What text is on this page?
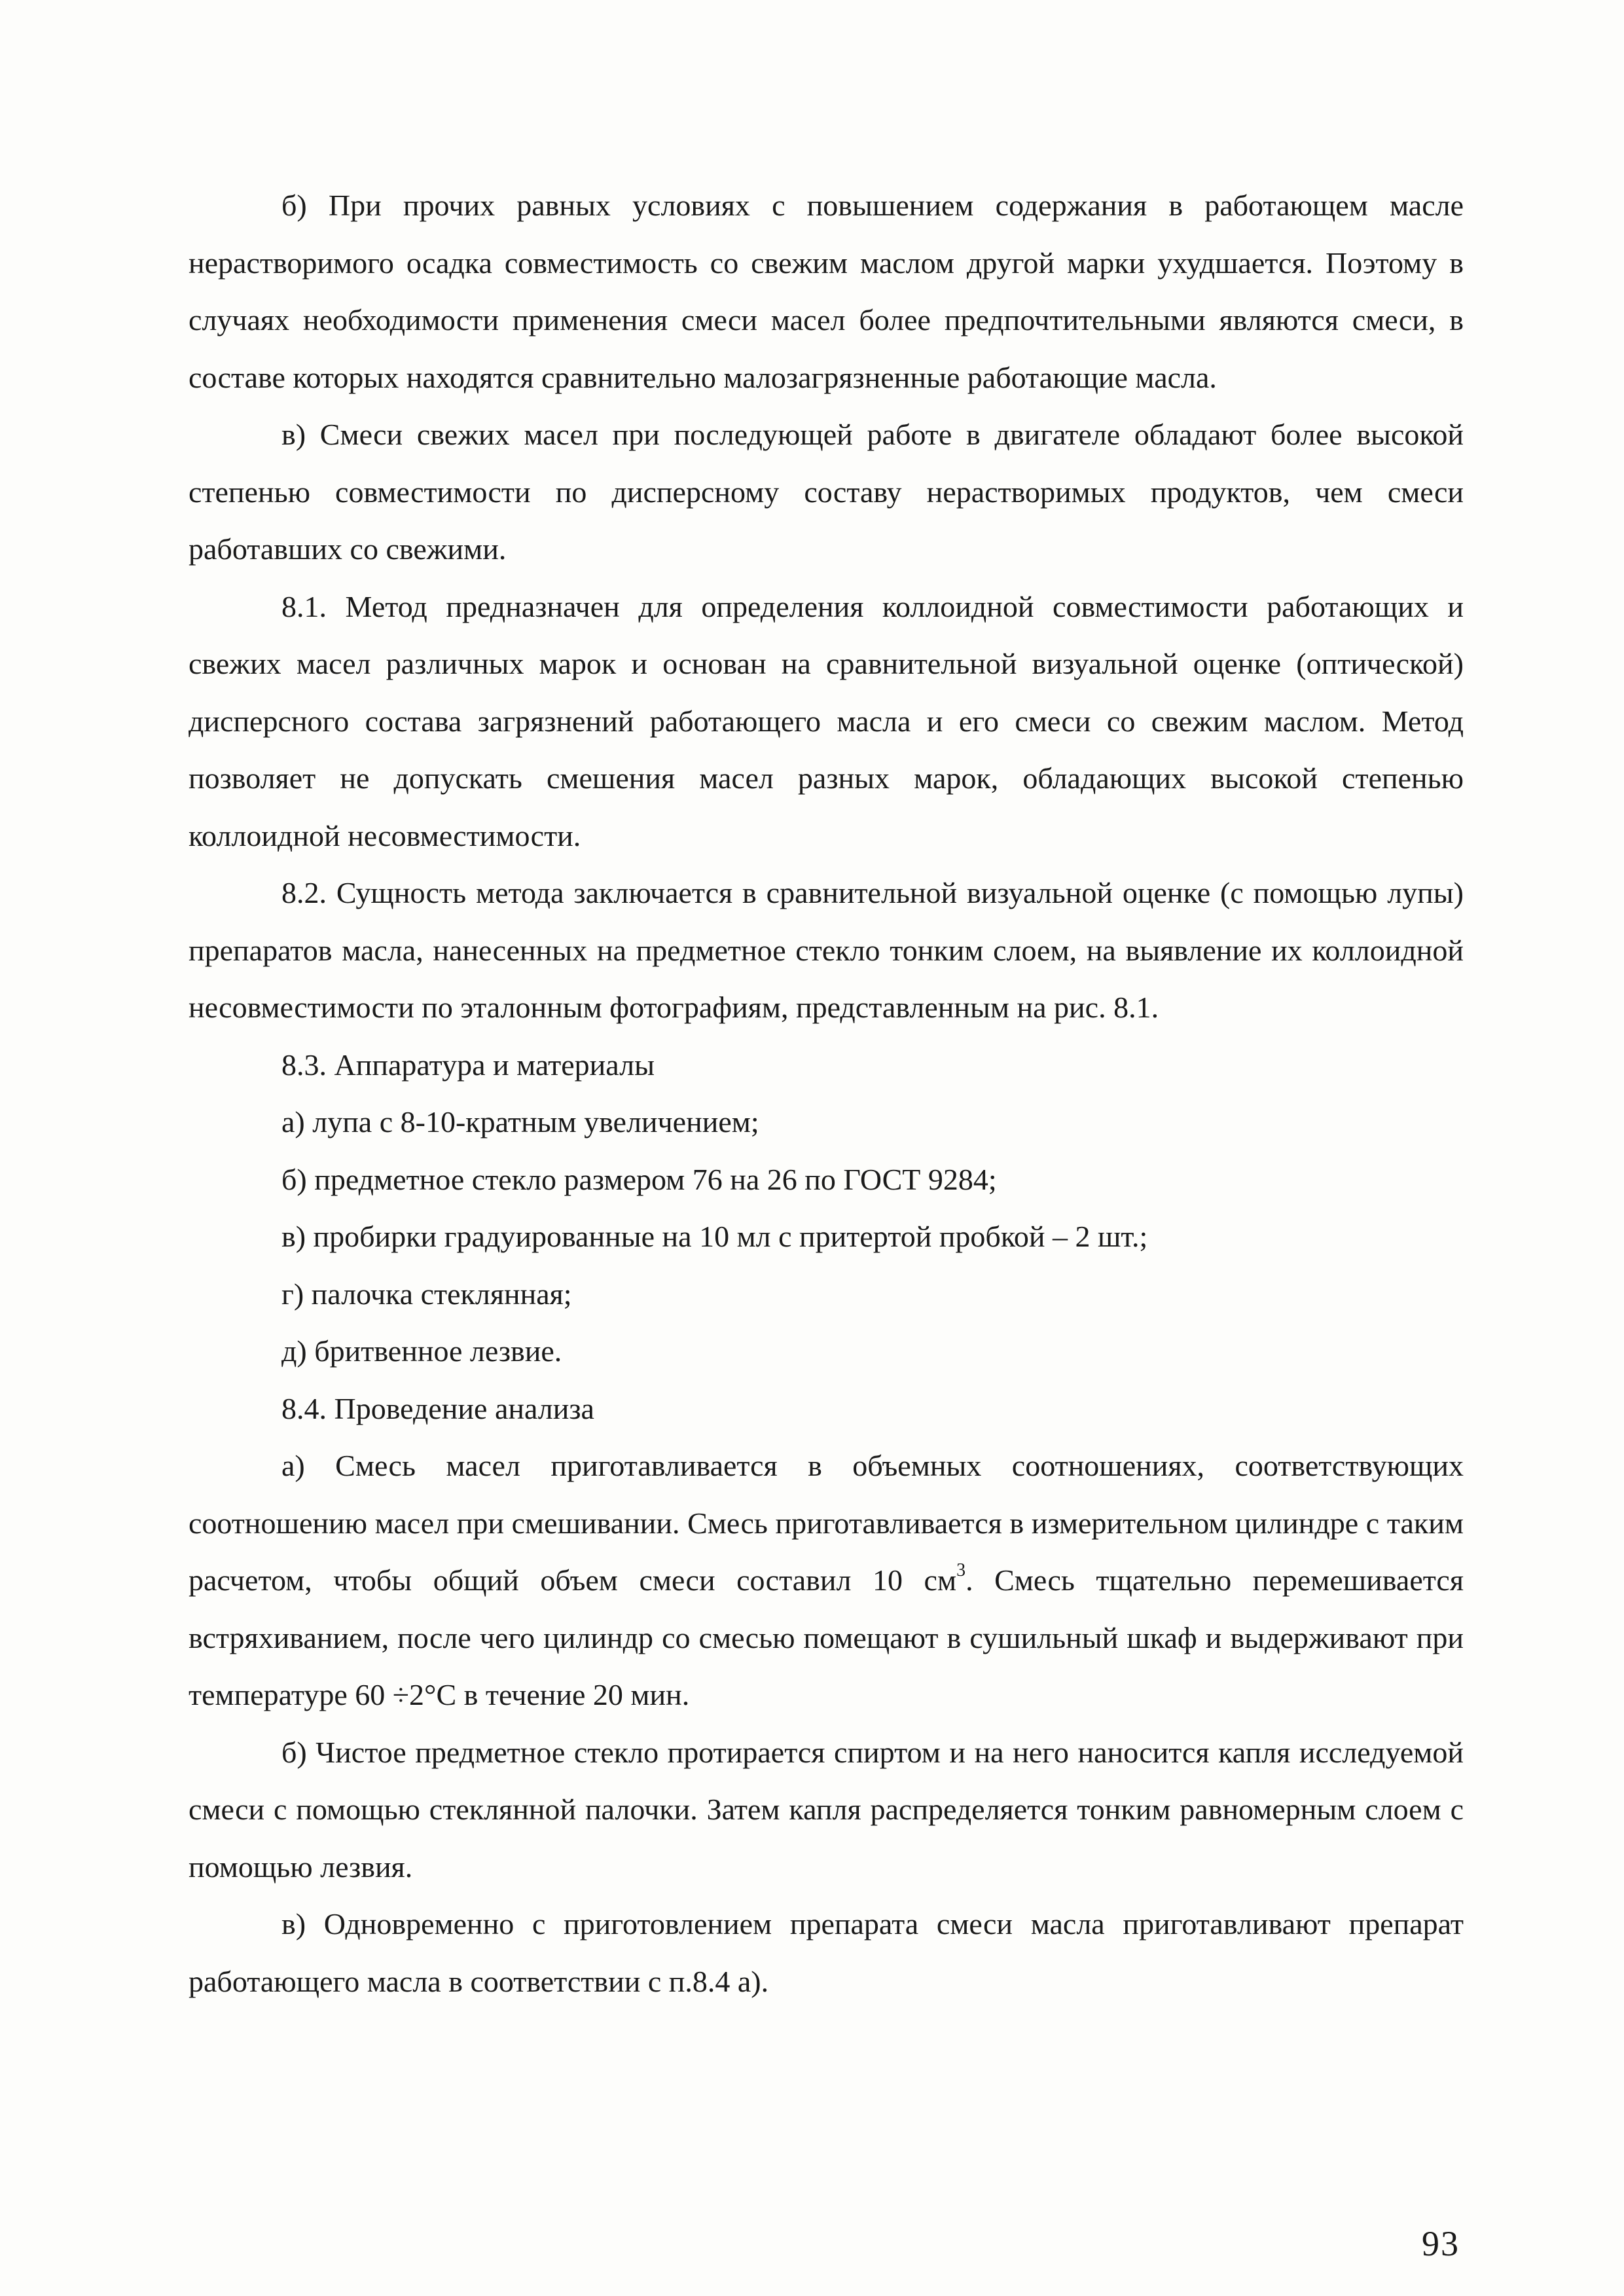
б) При прочих равных условиях с повышением содержания в работающем масле нерастворимого осадка совместимость со свежим маслом другой марки ухудшается. Поэтому в случаях необходимости применения смеси масел более предпочтительными являются смеси, в составе которых находятся сравнительно малозагрязненные работающие масла.

в) Смеси свежих масел при последующей работе в двигателе обладают более высокой степенью совместимости по дисперсному составу нерастворимых продуктов, чем смеси работавших со свежими.

8.1. Метод предназначен для определения коллоидной совместимости работающих и свежих масел различных марок и основан на сравнительной визуальной оценке (оптической) дисперсного состава загрязнений работающего масла и его смеси со свежим маслом. Метод позволяет не допускать смешения масел разных марок, обладающих высокой степенью коллоидной несовместимости.

8.2. Сущность метода заключается в сравнительной визуальной оценке (с помощью лупы) препаратов масла, нанесенных на предметное стекло тонким слоем, на выявление их коллоидной несовместимости по эталонным фотографиям, представленным на рис. 8.1.

8.3. Аппаратура и материалы

а) лупа с 8-10-кратным увеличением;

б) предметное стекло размером 76 на 26 по ГОСТ 9284;

в) пробирки градуированные на 10 мл с притертой пробкой – 2 шт.;

г) палочка стеклянная;

д) бритвенное лезвие.

8.4. Проведение анализа

а) Смесь масел приготавливается в объемных соотношениях, соответствующих соотношению масел при смешивании. Смесь приготавливается в измерительном цилиндре с таким расчетом, чтобы общий объем смеси составил 10 $см^3$. Смесь тщательно перемешивается встряхиванием, после чего цилиндр со смесью помещают в сушильный шкаф и выдерживают при температуре 60 ÷2°С в течение 20 мин.

б) Чистое предметное стекло протирается спиртом и на него наносится капля исследуемой смеси с помощью стеклянной палочки. Затем капля распределяется тонким равномерным слоем с помощью лезвия.

в) Одновременно с приготовлением препарата смеси масла приготавливают препарат работающего масла в соответствии с п.8.4 а).

93
